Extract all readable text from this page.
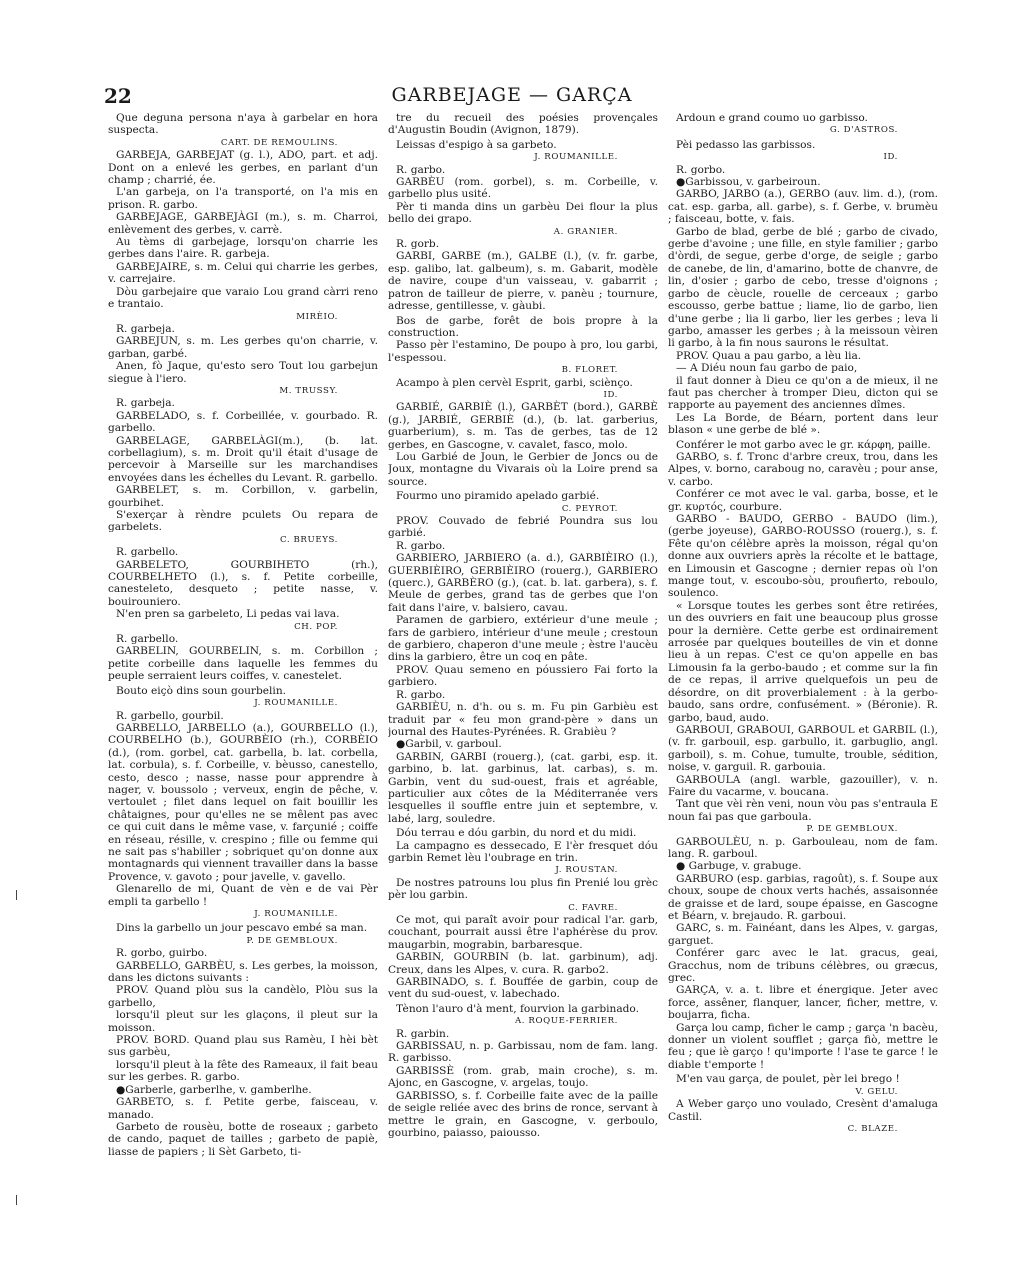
22	GARBEJAGE — GARÇA

Que deguna persona n'aya à garbelar en hora suspecta.

CART. DE REMOULINS.

GARBEJA, GARBEJAT (g. l.), ADO, part. et adj. Dont on a enlevé les gerbes, en parlant d'un champ ; charrié, ée.

L'an garbeja, on l'a transporté, on l'a mis en prison. R. garbo.

GARBEJAGE, GARBEJÀGI (m.), s. m. Charroi, enlèvement des gerbes, v. carrè.

Au tèms di garbejage, lorsqu'on charrie les gerbes dans l'aire. R. garbeja.

GARBEJAIRE, s. m. Celui qui charrie les gerbes, v. carrejaire.

Dòu garbejaire que varaio Lou grand càrri reno e trantaio.

MIRÈIO.

R. garbeja.

GARBEJUN, s. m. Les gerbes qu'on charrie, v. garban, garbé.

Anen, fò Jaque, qu'esto sero Tout lou garbejun siegue à l'iero.

M. TRUSSY.

R. garbeja.

GARBELADO, s. f. Corbeillée, v. gourbado. R. garbello.

GARBELAGE, GARBELÀGI(m.), (b. lat. corbellagium), s. m. Droit qu'il était d'usage de percevoir à Marseille sur les marchandises envoyées dans les échelles du Levant. R. garbello.

GARBELET, s. m. Corbillon, v. garbelin, gourbihet.

S'exerçar à rèndre pculets Ou repara de garbelets.

C. BRUEYS.

R. garbello.

GARBELETO, GOURBIHETO (rh.), COURBELHETO (l.), s. f. Petite corbeille, canesteleto, desqueto ; petite nasse, v. bouirouniero.

N'en pren sa garbeleto, Li pedas vai lava.

CH. POP.

R. garbello.

GARBELIN, GOURBELIN, s. m. Corbillon ; petite corbeille dans laquelle les femmes du peuple serraient leurs coiffes, v. canestelet.

Bouto eiçò dins soun gourbelin.

J. ROUMANILLE.

R. garbello, gourbil.

GARBELLO, JARBELLO (a.), GOURBELLO (l.), COURBELHO (b.), GOURBÈIO (rh.), CORBÈIO (d.), (rom. gorbel, cat. garbella, b. lat. corbella, lat. corbula), s. f. Corbeille, v. bèusso, canestello, cesto, desco ; nasse, nasse pour apprendre à nager, v. boussolo ; verveux, engin de pêche, v. vertoulet ; filet dans lequel on fait bouillir les châtaignes, pour qu'elles ne se mêlent pas avec ce qui cuit dans le même vase, v. farçunié ; coiffe en réseau, résille, v. crespino ; fille ou femme qui ne sait pas s'habiller ; sobriquet qu'on donne aux montagnards qui viennent travailler dans la basse Provence, v. gavoto ; pour javelle, v. gavello.

Glenarello de mi, Quant de vèn e de vai Pèr empli ta garbello !

J. ROUMANILLE.

Dins la garbello un jour pescavo embé sa man.

P. DE GEMBLOUX.

R. gorbo, guirbo.

GARBELLO, GARBÈU, s. Les gerbes, la moisson, dans les dictons suivants :

PROV. Quand plòu sus la candèlo, Plòu sus la garbello,

lorsqu'il pleut sur les glaçons, il pleut sur la moisson.

PROV. BORD. Quand plau sus Ramèu, I hèi bèt sus garbèu,

lorsqu'il pleut à la fête des Rameaux, il fait beau sur les gerbes. R. garbo.

●Garberle, garberlhe, v. gamberlhe.

GARBETO, s. f. Petite gerbe, faisceau, v. manado.

Garbeto de rousèu, botte de roseaux ; garbeto de cando, paquet de tailles ; garbeto de papiè, liasse de papiers ; li Sèt Garbeto, ti-

tre du recueil des poésies provençales d'Augustin Boudin (Avignon, 1879).

Leissas d'espigo à sa garbeto.

J. ROUMANILLE.

R. garbo.

GARBÈU (rom. gorbel), s. m. Corbeille, v. garbello plus usité.

Pèr ti manda dins un garbèu Dei flour la plus bello dei grapo.

A. GRANIER.

R. gorb.

GARBI, GARBE (m.), GALBE (l.), (v. fr. garbe, esp. galibo, lat. galbeum), s. m. Gabarit, modèle de navire, coupe d'un vaisseau, v. gabarrit ; patron de tailleur de pierre, v. panèu ; tournure, adresse, gentillesse, v. gàubi.

Bos de garbe, forêt de bois propre à la construction.

Passo pèr l'estamino, De poupo à pro, lou garbi, l'espessou.

B. FLORET.

Acampo à plen cervèl Esprit, garbi, sciènço.

ID.

GARBIÉ, GARBIÈ (l.), GARBÈT (bord.), GARBÈ (g.), JARBIÉ, GERBIÈ (d.), (b. lat. garberius, guarberium), s. m. Tas de gerbes, tas de 12 gerbes, en Gascogne, v. cavalet, fasco, molo.

Lou Garbié de Joun, le Gerbier de Joncs ou de Joux, montagne du Vivarais où la Loire prend sa source.

Fourmo uno piramido apelado garbié.

C. PEYROT.

PROV. Couvado de febrié Poundra sus lou garbié.

R. garbo.

GARBIERO, JARBIERO (a. d.), GARBIÈIRO (l.), GUERBIÈIRO, GERBIÈIRO (rouerg.), GARBIERO (querc.), GARBÈRO (g.), (cat. b. lat. garbera), s. f. Meule de gerbes, grand tas de gerbes que l'on fait dans l'aire, v. balsiero, cavau.

Paramen de garbiero, extérieur d'une meule ; fars de garbiero, intérieur d'une meule ; crestoun de garbiero, chaperon d'une meule ; èstre l'aucèu dins la garbiero, être un coq en pâte.

PROV. Quau semeno en póussiero Fai forto la garbiero.

R. garbo.

GARBIÈU, n. d'h. ou s. m. Fu pin Garbièu est traduit par « feu mon grand-père » dans un journal des Hautes-Pyrénées. R. Grabièu ?

●Garbil, v. garboul.

GARBIN, GARBI (rouerg.), (cat. garbi, esp. it. garbino, b. lat. garbinus, lat. carbas), s. m. Garbin, vent du sud-ouest, frais et agréable, particulier aux côtes de la Méditerranée vers lesquelles il souffle entre juin et septembre, v. labé, larg, souledre.

Dóu terrau e dóu garbin, du nord et du midi.

La campagno es dessecado, E l'èr fresquet dóu garbin Remet lèu l'oubrage en trin.

J. ROUSTAN.

De nostres patrouns lou plus fin Prenié lou grèc pèr lou garbin.

C. FAVRE.

Ce mot, qui paraît avoir pour radical l'ar. garb, couchant, pourrait aussi être l'aphérèse du prov. maugarbin, mograbin, barbaresque.

GARBIN, GOURBIN (b. lat. garbinum), adj. Creux, dans les Alpes, v. cura. R. garbo2.

GARBINADO, s. f. Bouffée de garbin, coup de vent du sud-ouest, v. labechado.

Tènon l'auro d'à ment, fourvion la garbinado.

A. ROQUE-FERRIER.

R. garbin.

GARBISSAU, n. p. Garbissau, nom de fam. lang. R. garbisso.

GARBISSÈ (rom. grab, main croche), s. m. Ajonc, en Gascogne, v. argelas, toujo.

GARBISSO, s. f. Corbeille faite avec de la paille de seigle reliée avec des brins de ronce, servant à mettre le grain, en Gascogne, v. gerboulo, gourbino, paiasso, paiousso.

Ardoun e grand coumo uo garbisso.

G. D'ASTROS.

Pèi pedasso las garbissos.

ID.

R. gorbo.

●Garbissou, v. garbeiroun.

GARBO, JARBO (a.), GERBO (auv. lim. d.), (rom. cat. esp. garba, all. garbe), s. f. Gerbe, v. brumèu ; faisceau, botte, v. fais.

Garbo de blad, gerbe de blé ; garbo de civado, gerbe d'avoine ; une fille, en style familier ; garbo d'òrdi, de segue, gerbe d'orge, de seigle ; garbo de canebe, de lin, d'amarino, botte de chanvre, de lin, d'osier ; garbo de cebo, tresse d'oignons ; garbo de cèucle, rouelle de cerceaux ; garbo escousso, gerbe battue ; liame, lio de garbo, lien d'une gerbe ; lia li garbo, lier les gerbes ; leva li garbo, amasser les gerbes ; à la meissoun vèiren li garbo, à la fin nous saurons le résultat.

PROV. Quau a pau garbo, a lèu lia.

— A Diéu noun fau garbo de paio,

il faut donner à Dieu ce qu'on a de mieux, il ne faut pas chercher à tromper Dieu, dicton qui se rapporte au payement des anciennes dîmes.

Les La Borde, de Béarn, portent dans leur blason « une gerbe de blé ».

Conférer le mot garbo avec le gr. κάρφη, paille.

GARBO, s. f. Tronc d'arbre creux, trou, dans les Alpes, v. borno, caraboug no, caravèu ; pour anse, v. carbo.

Conférer ce mot avec le val. garba, bosse, et le gr. κυρτός, courbure.

GARBO - BAUDO, GERBO - BAUDO (lim.), (gerbe joyeuse), GARBO-ROUSSO (rouerg.), s. f. Fête qu'on célèbre après la moisson, régal qu'on donne aux ouvriers après la récolte et le battage, en Limousin et Gascogne ; dernier repas où l'on mange tout, v. escoubo-sòu, proufierto, reboulo, soulenco.

« Lorsque toutes les gerbes sont être retirées, un des ouvriers en fait une beaucoup plus grosse pour la dernière. Cette gerbe est ordinairement arrosée par quelques bouteilles de vin et donne lieu à un repas. C'est ce qu'on appelle en bas Limousin fa la gerbo-baudo ; et comme sur la fin de ce repas, il arrive quelquefois un peu de désordre, on dit proverbialement : à la gerbo-baudo, sans ordre, confusément. » (Béronie). R. garbo, baud, audo.

GARBOUI, GRABOUI, GARBOUL et GARBIL (l.), (v. fr. garbouil, esp. garbullo, it. garbuglio, angl. garboil), s. m. Cohue, tumulte, trouble, sédition, noise, v. garguil. R. garbouia.

GARBOULA (angl. warble, gazouiller), v. n. Faire du vacarme, v. boucana.

Tant que vèi rèn veni, noun vòu pas s'entraula E noun fai pas que garboula.

P. DE GEMBLOUX.

GARBOULÈU, n. p. Garbouleau, nom de fam. lang. R. garboul.

● Garbuge, v. grabuge.

GARBURO (esp. garbias, ragoût), s. f. Soupe aux choux, soupe de choux verts hachés, assaisonnée de graisse et de lard, soupe épaisse, en Gascogne et Béarn, v. brejaudo. R. garboui.

GARC, s. m. Fainéant, dans les Alpes, v. gargas, garguet.

Conférer garc avec le lat. gracus, geai, Gracchus, nom de tribuns célèbres, ou græcus, grec.

GARÇA, v. a. t. libre et énergique. Jeter avec force, assêner, flanquer, lancer, ficher, mettre, v. boujarra, ficha.

Garça lou camp, ficher le camp ; garça 'n bacèu, donner un violent soufflet ; garça fiò, mettre le feu ; que iè garço ! qu'importe ! l'ase te garce ! le diable t'emporte !

M'en vau garça, de poulet, pèr lei brego !

V. GELU.

A Weber garço uno voulado, Cresènt d'amaluga Castil.

C. BLAZE.
